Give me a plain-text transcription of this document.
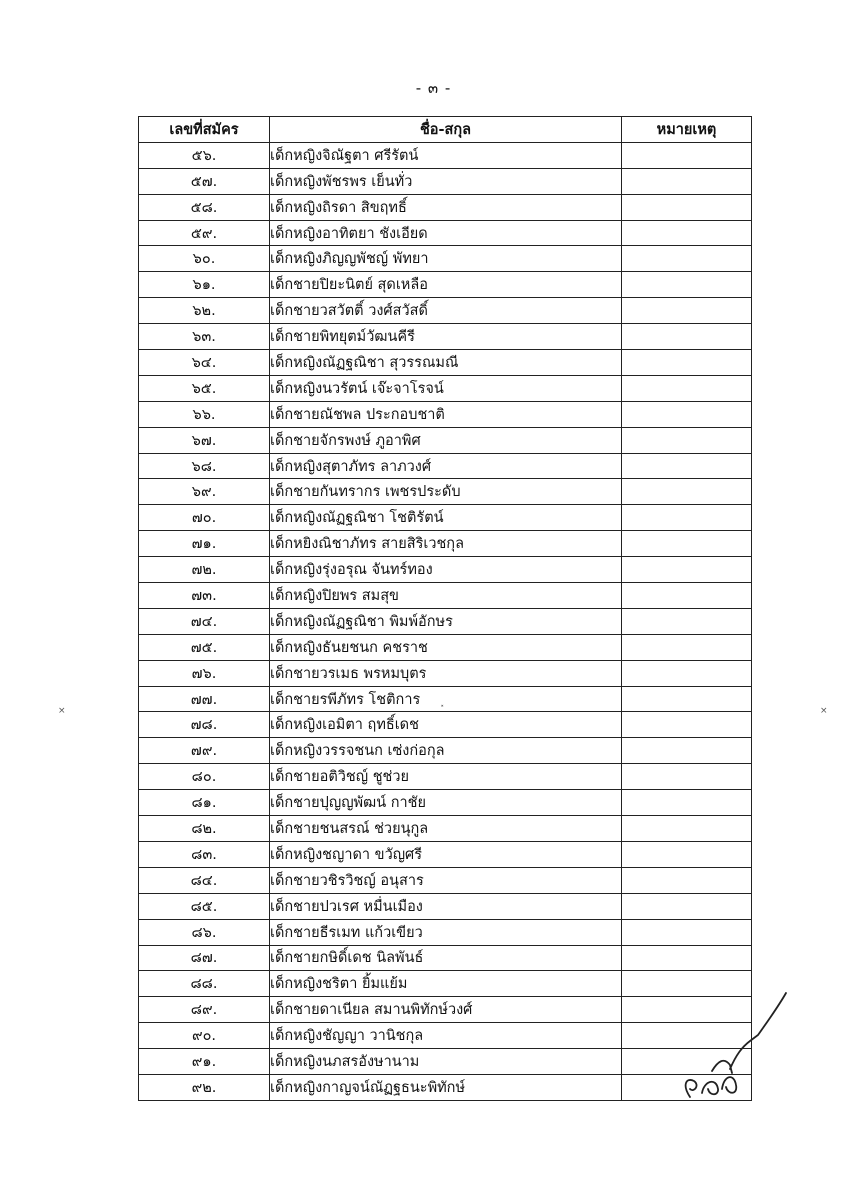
- ๓ -
เลขที่สมัคร	ชื่อ-สกุล	หมายเหตุ
๕๖.	เด็กหญิงจิณัฐตา ศรีรัตน์	
๕๗.	เด็กหญิงพัชรพร เย็นทั่ว	
๕๘.	เด็กหญิงถิรดา สิขฤทธิ์	
๕๙.	เด็กหญิงอาทิตยา ชังเอียด	
๖๐.	เด็กหญิงภิญญพัชญ์ พัทยา	
๖๑.	เด็กชายปิยะนิตย์ สุดเหลือ	
๖๒.	เด็กชายวสวัตติ์ วงศ์สวัสดิ์	
๖๓.	เด็กชายพิทยุตม์วัฒนคีรี	
๖๔.	เด็กหญิงณัฏฐณิชา สุวรรณมณี	
๖๕.	เด็กหญิงนวรัตน์ เจ๊ะจาโรจน์	
๖๖.	เด็กชายณัชพล ประกอบชาติ	
๖๗.	เด็กชายจักรพงษ์ ภูอาพิศ	
๖๘.	เด็กหญิงสุตาภัทร ลาภวงศ์	
๖๙.	เด็กชายกันทรากร เพชรประดับ	
๗๐.	เด็กหญิงณัฏฐณิชา โชติรัตน์	
๗๑.	เด็กหยิงณิชาภัทร สายสิริเวชกุล	
๗๒.	เด็กหญิงรุ่งอรุณ จันทร์ทอง	
๗๓.	เด็กหญิงปิยพร สมสุข	
๗๔.	เด็กหญิงณัฏฐณิชา พิมพ์อักษร	
๗๕.	เด็กหญิงธันยชนก คชราช	
๗๖.	เด็กชายวรเมธ พรหมบุตร	
๗๗.	เด็กชายรพีภัทร โชติการ	
๗๘.	เด็กหญิงเอมิตา ฤทธิ์เดช	
๗๙.	เด็กหญิงวรรจชนก เซ่งก่อกุล	
๘๐.	เด็กชายอติวิชญ์ ชูช่วย	
๘๑.	เด็กชายปุญญพัฒน์ กาชัย	
๘๒.	เด็กชายชนสรณ์ ช่วยนุกูล	
๘๓.	เด็กหญิงชญาดา ขวัญศรี	
๘๔.	เด็กชายวชิรวิชญ์ อนุสาร	
๘๕.	เด็กชายปวเรศ หมื่นเมือง	
๘๖.	เด็กชายธีรเมท แก้วเขียว	
๘๗.	เด็กชายกษิดิ์เดช นิลพันธ์	
๘๘.	เด็กหญิงชริตา ยิ้มแย้ม	
๘๙.	เด็กชายดาเนียล สมานพิทักษ์วงศ์	
๙๐.	เด็กหญิงชัญญา วานิชกุล	
๙๑.	เด็กหญิงนภสรอังษานาม	
๙๒.	เด็กหญิงกาญจน์ณัฏฐธนะพิทักษ์	
×	×
˟
